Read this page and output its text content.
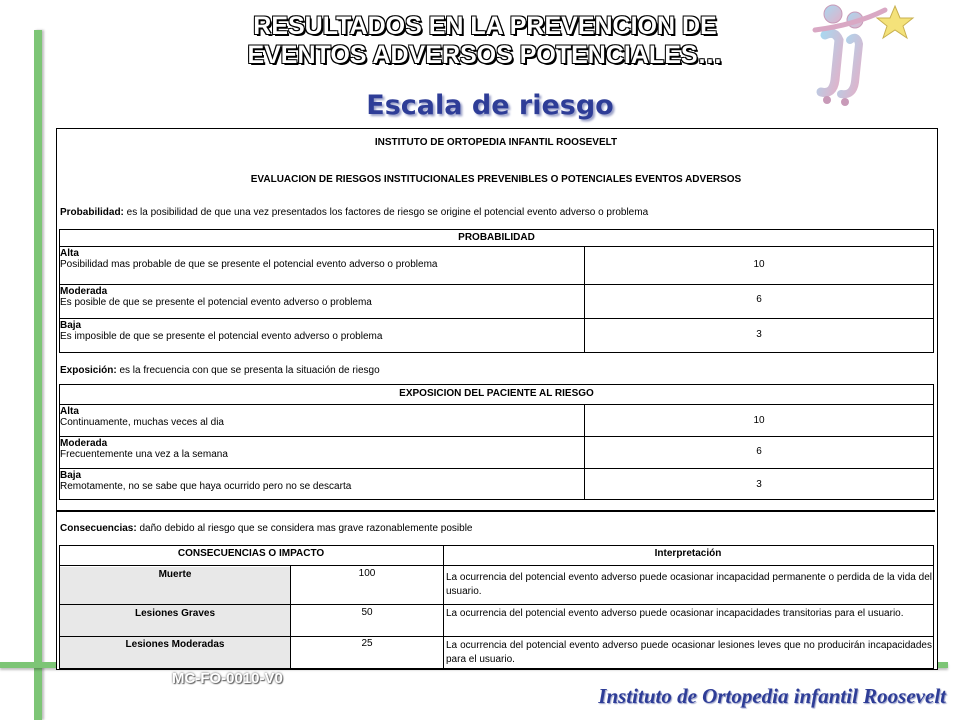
RESULTADOS EN LA PREVENCION DE
EVENTOS ADVERSOS POTENCIALES…
Escala de riesgo
INSTITUTO DE ORTOPEDIA INFANTIL ROOSEVELT
EVALUACION DE RIESGOS INSTITUCIONALES PREVENIBLES O POTENCIALES EVENTOS ADVERSOS
Probabilidad: es la posibilidad de que una vez presentados los factores de riesgo se origine el potencial evento adverso o problema
PROBABILIDAD
Alta
Posibilidad mas probable de que se presente el potencial evento adverso o problema	10
Moderada
Es posible de que se presente el potencial evento adverso o problema	6
Baja
Es imposible de que se presente el potencial evento adverso o problema	3
Exposición: es la frecuencia con que se presenta la situación de riesgo
EXPOSICION DEL PACIENTE AL RIESGO
Alta
Continuamente, muchas veces al dia	10
Moderada
Frecuentemente una vez a la semana	6
Baja
Remotamente, no se sabe que haya ocurrido pero no se descarta	3
Consecuencias: daño debido al riesgo que se considera mas grave razonablemente posible
CONSECUENCIAS O IMPACTO	Interpretación
Muerte	100	La ocurrencia del potencial evento adverso puede ocasionar incapacidad permanente o perdida de la vida del usuario.
Lesiones Graves	50	La ocurrencia del potencial evento adverso puede ocasionar incapacidades transitorias para el usuario.
Lesiones Moderadas	25	La ocurrencia del potencial evento adverso puede ocasionar lesiones leves que no producirán incapacidades para el usuario.
MC-FO-0010-V0
Instituto de Ortopedia infantil Roosevelt
